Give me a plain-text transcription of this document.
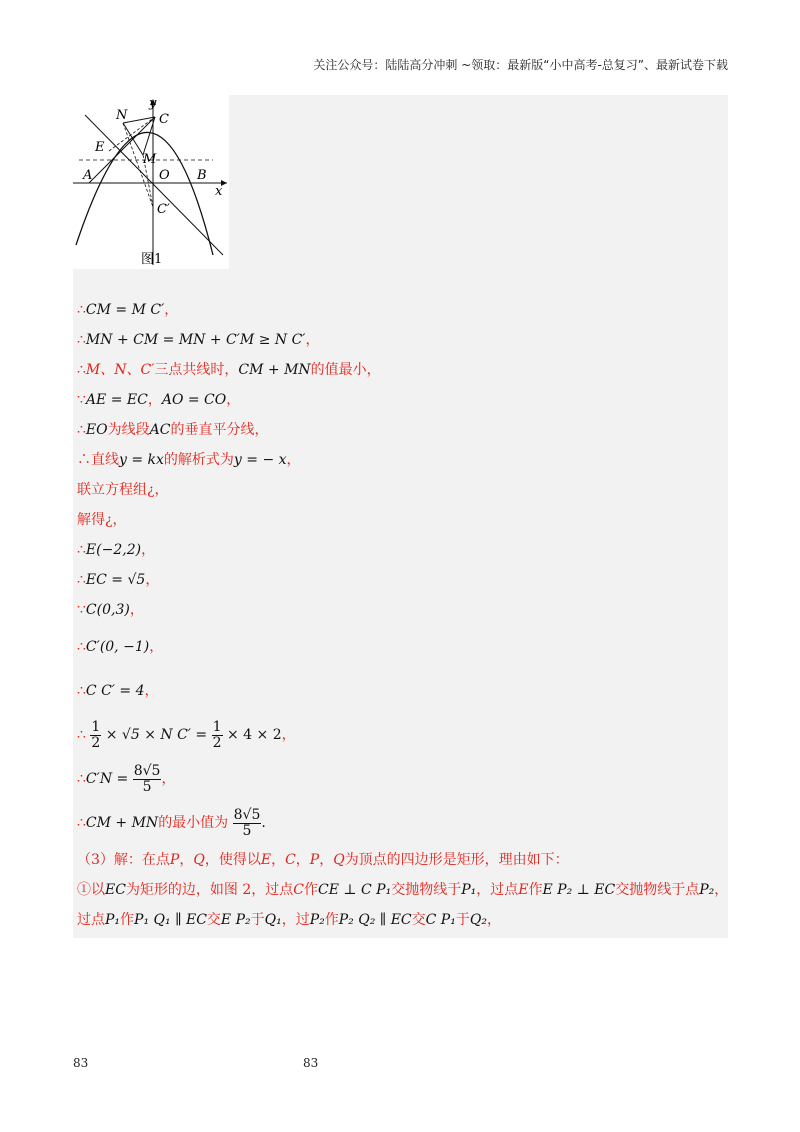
关注公众号：陆陆高分冲刺 ~领取：最新版“小中高考-总复习”、最新试卷下载
y
C
N
E
M
A	O B
x
C′
图1
∴CM = M C′，
∴MN + CM = MN + C′M ≥ N C′，
∴M、N、C′三点共线时，CM + MN的值最小，
∵AE = EC，AO = CO，
∴EO为线段AC的垂直平分线，
∴直线y = kx的解析式为y = − x，
联立方程组¿，
解得¿，
∴E(−2,2)，
∴EC = √5，
∵C(0,3)，
∴C′(0, −1)，
∴C C′ = 4，
∴ $\frac{1}{2} \times √5 \times N$ $C' = \frac{1}{2} \times 4 \times 2$，
∴C′N = $\frac{8√5}{5}$ ，
∴CM + MN的最小值为 $\frac{8√5}{5}$ .
（3）解：在点P，Q，使得以E，C，P，Q为顶点的四边形是矩形，理由如下：
①以EC为矩形的边，如图 2，过点C作CE ⊥ C P₁交抛物线于P₁，过点E作E P₂ ⊥ EC交抛物线于点P₂，
过点P₁作P₁ Q₁ ∥ EC交E P₂于Q₁，过P₂作P₂ Q₂ ∥ EC交C P₁于Q₂，
83	83
